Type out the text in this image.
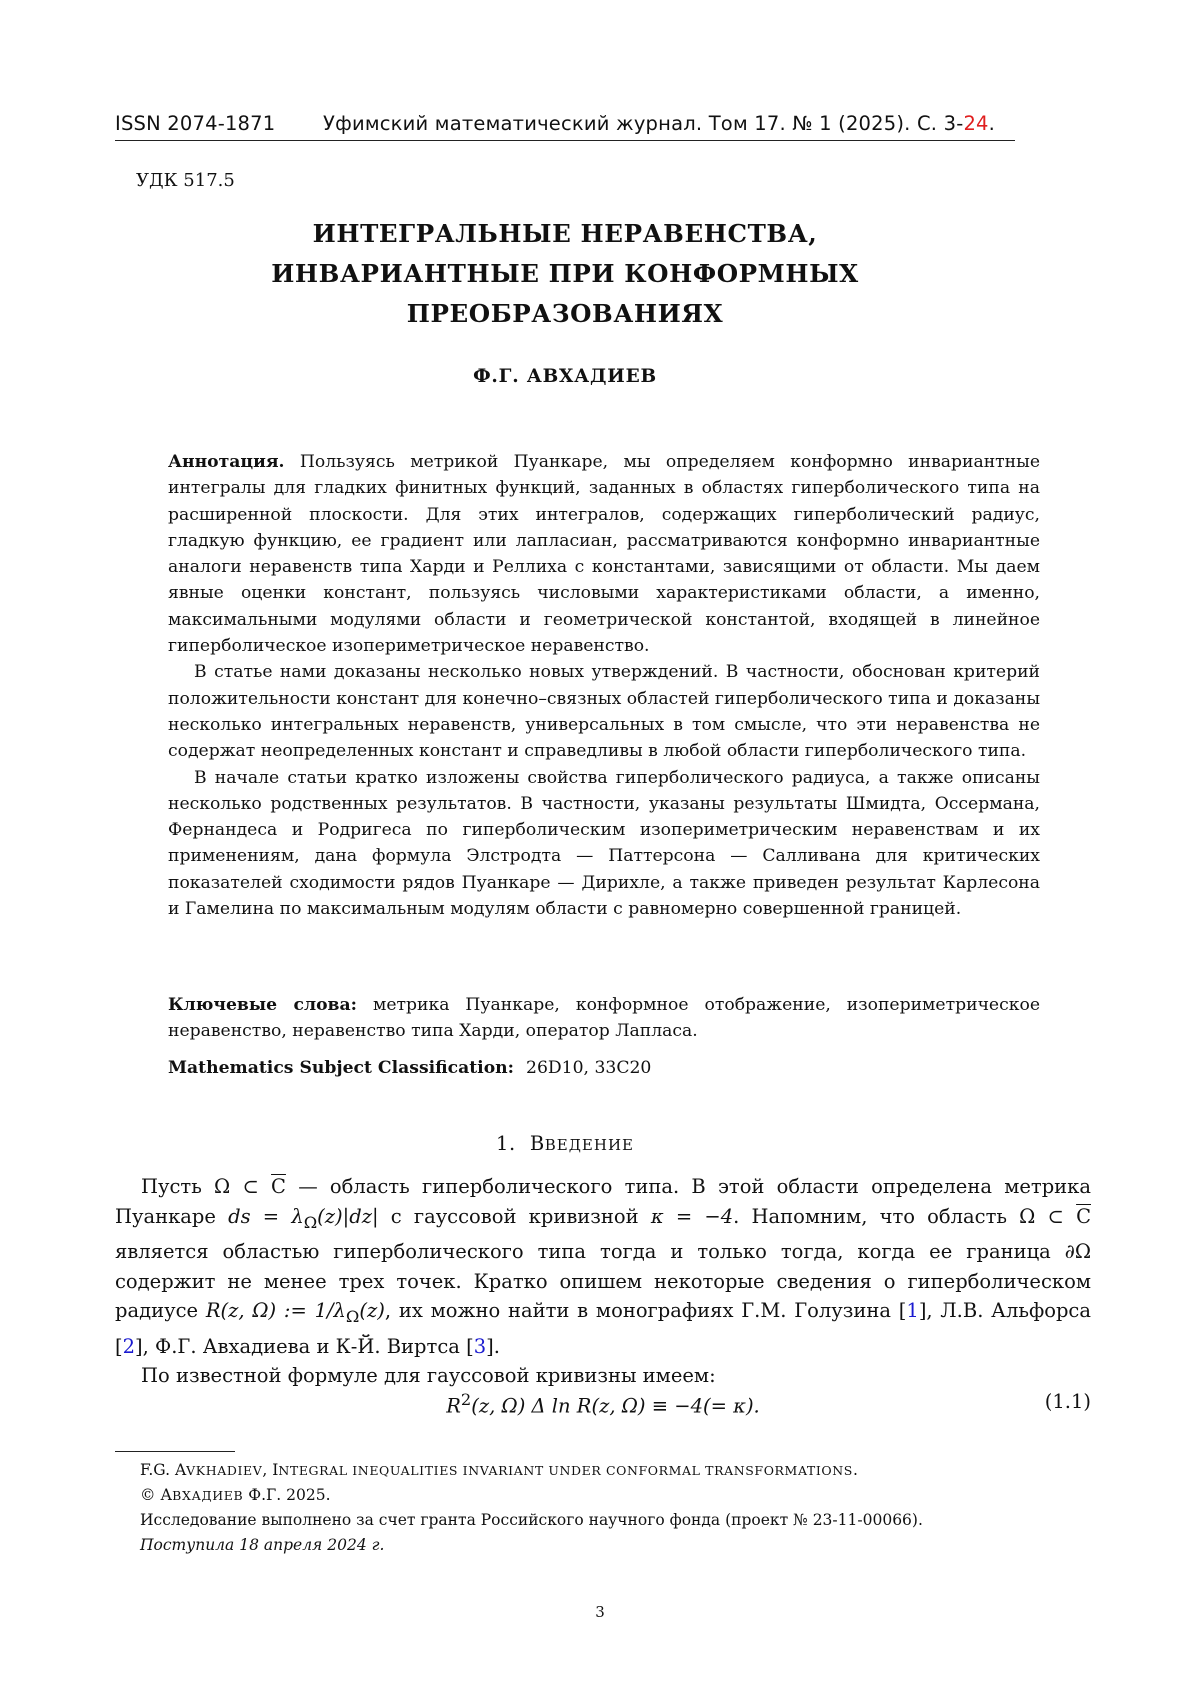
ISSN 2074-1871 Уфимский математический журнал. Том 17. № 1 (2025). С. 3-24.
УДК 517.5
ИНТЕГРАЛЬНЫЕ НЕРАВЕНСТВА,
ИНВАРИАНТНЫЕ ПРИ КОНФОРМНЫХ
ПРЕОБРАЗОВАНИЯХ
Ф.Г. АВХАДИЕВ

Аннотация. Пользуясь метрикой Пуанкаре, мы определяем конформно инвариантные интегралы для гладких финитных функций, заданных в областях гиперболического типа на расширенной плоскости. Для этих интегралов, содержащих гиперболический радиус, гладкую функцию, ее градиент или лапласиан, рассматриваются конформно инвариантные аналоги неравенств типа Харди и Реллиха с константами, зависящими от области. Мы даем явные оценки констант, пользуясь числовыми характеристиками области, а именно, максимальными модулями области и геометрической константой, входящей в линейное гиперболическое изопериметрическое неравенство.

В статье нами доказаны несколько новых утверждений. В частности, обоснован критерий положительности констант для конечно–связных областей гиперболического типа и доказаны несколько интегральных неравенств, универсальных в том смысле, что эти неравенства не содержат неопределенных констант и справедливы в любой области гиперболического типа.

В начале статьи кратко изложены свойства гиперболического радиуса, а также описаны несколько родственных результатов. В частности, указаны результаты Шмидта, Оссермана, Фернандеса и Родригеса по гиперболическим изопериметрическим неравенствам и их применениям, дана формула Элстродта — Паттерсона — Салливана для критических показателей сходимости рядов Пуанкаре — Дирихле, а также приведен результат Карлесона и Гамелина по максимальным модулям области с равномерно совершенной границей.

Ключевые слова: метрика Пуанкаре, конформное отображение, изопериметрическое неравенство, неравенство типа Харди, оператор Лапласа.

Mathematics Subject Classification: 26D10, 33C20
1. ВВЕДЕНИЕ

Пусть Ω ⊂ $\overline{C}$ — область гиперболического типа. В этой области определена метрика Пуанкаре ds = $\lambda_\Omega(z)|dz|$ с гауссовой кривизной κ = −4. Напомним, что область Ω ⊂ $\overline{C}$ является областью гиперболического типа тогда и только тогда, когда ее граница ∂Ω содержит не менее трех точек. Кратко опишем некоторые сведения о гиперболическом радиусе R(z, Ω) := $1/\lambda_\Omega(z)$, их можно найти в монографиях Г.М. Голузина [1], Л.В. Альфорса [2], Ф.Г. Авхадиева и К-Й. Виртса [3].

По известной формуле для гауссовой кривизны имеем:

$R^2(z$, Ω) Δ ln R(z, Ω) ≡ −4(= κ).	(1.1)
F.G. AVKHADIEV, INTEGRAL INEQUALITIES INVARIANT UNDER CONFORMAL TRANSFORMATIONS.
© АВХАДИЕВ Ф.Г. 2025.
Исследование выполнено за счет гранта Российского научного фонда (проект № 23-11-00066).
Поступила 18 апреля 2024 г.
3
